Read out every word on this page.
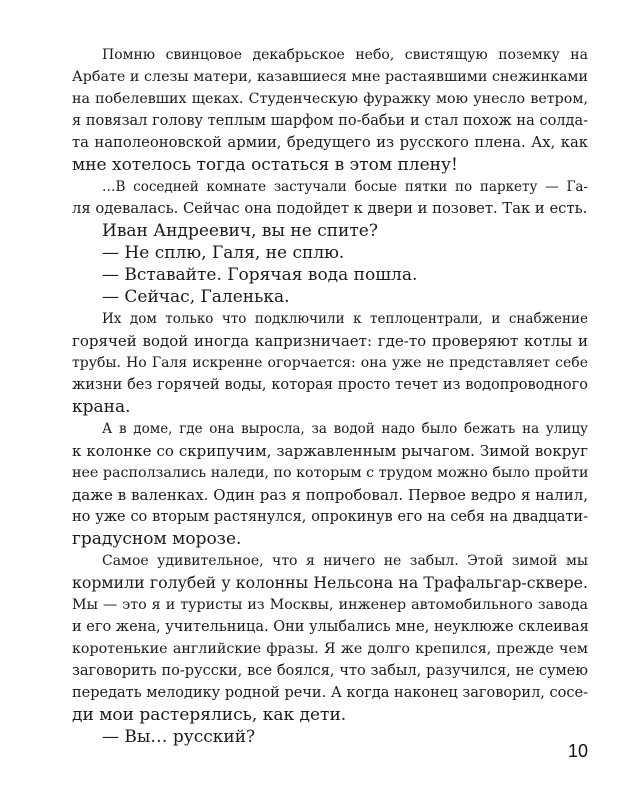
Помню свинцовое декабрьское небо, свистящую поземку на
Арбате и слезы матери, казавшиеся мне растаявшими снежинками
на побелевших щеках. Студенческую фуражку мою унесло ветром,
я повязал голову теплым шарфом по-бабьи и стал похож на солда-
та наполеоновской армии, бредущего из русского плена. Ах, как
мне хотелось тогда остаться в этом плену!

…В соседней комнате застучали босые пятки по паркету — Га-
ля одевалась. Сейчас она подойдет к двери и позовет. Так и есть.

Иван Андреевич, вы не спите?

— Не сплю, Галя, не сплю.

— Вставайте. Горячая вода пошла.

— Сейчас, Галенька.

Их дом только что подключили к теплоцентрали, и снабжение
горячей водой иногда капризничает: где-то проверяют котлы и
трубы. Но Галя искренне огорчается: она уже не представляет себе
жизни без горячей воды, которая просто течет из водопроводного
крана.

А в доме, где она выросла, за водой надо было бежать на улицу
к колонке со скрипучим, заржавленным рычагом. Зимой вокруг
нее расползались наледи, по которым с трудом можно было пройти
даже в валенках. Один раз я попробовал. Первое ведро я налил,
но уже со вторым растянулся, опрокинув его на себя на двадцати-
градусном морозе.

Самое удивительное, что я ничего не забыл. Этой зимой мы
кормили голубей у колонны Нельсона на Трафальгар-сквере.
Мы — это я и туристы из Москвы, инженер автомобильного завода
и его жена, учительница. Они улыбались мне, неуклюже склеивая
коротенькие английские фразы. Я же долго крепился, прежде чем
заговорить по-русски, все боялся, что забыл, разучился, не сумею
передать мелодику родной речи. А когда наконец заговорил, сосе-
ди мои растерялись, как дети.

— Вы… русский?

10
